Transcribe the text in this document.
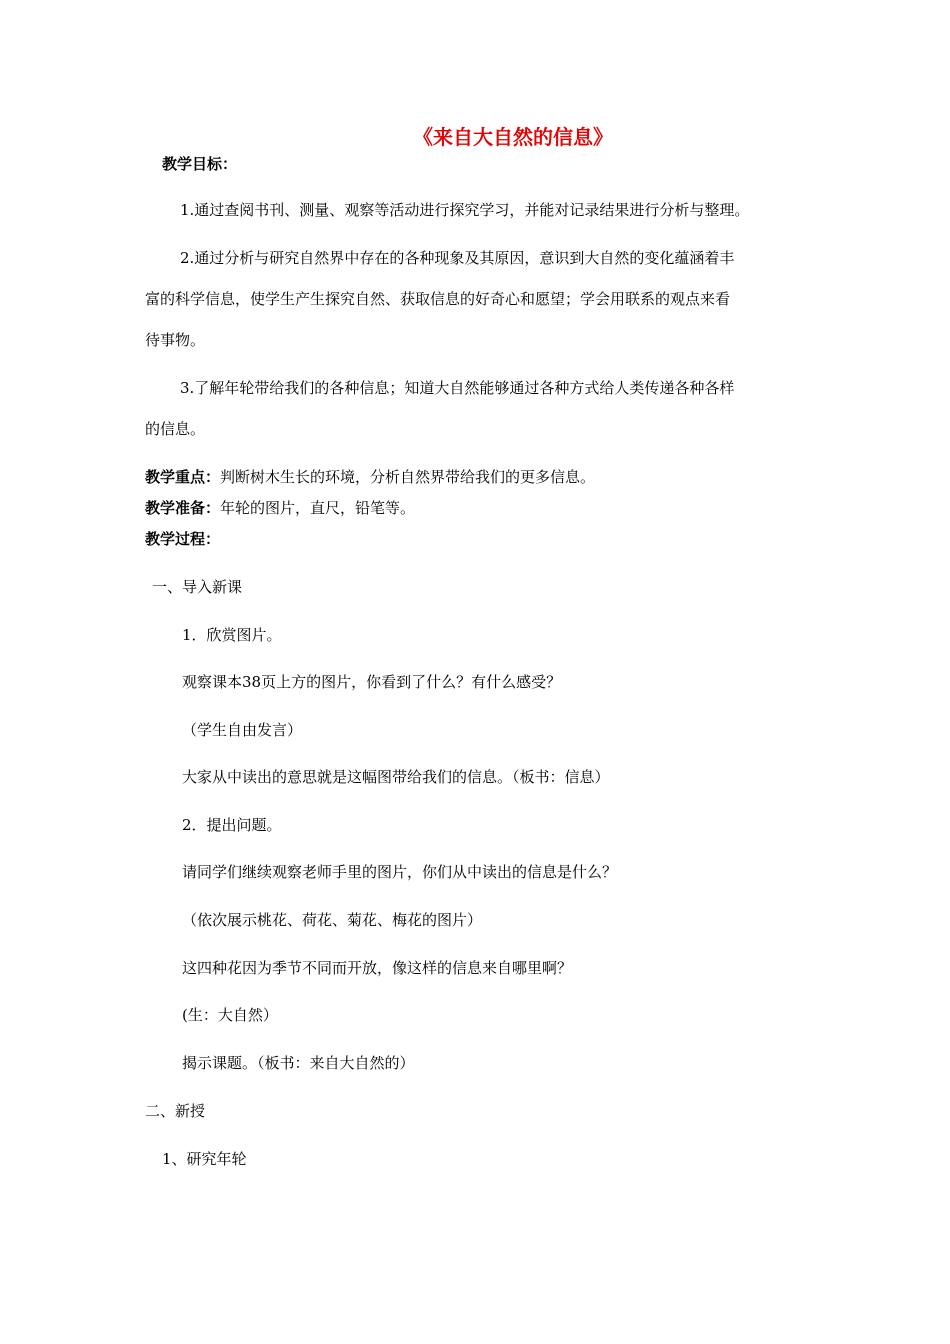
《来自大自然的信息》
教学目标：
1.通过查阅书刊、测量、观察等活动进行探究学习，并能对记录结果进行分析与整理。
2.通过分析与研究自然界中存在的各种现象及其原因，意识到大自然的变化蕴涵着丰
富的科学信息，使学生产生探究自然、获取信息的好奇心和愿望；学会用联系的观点来看
待事物。
3.了解年轮带给我们的各种信息；知道大自然能够通过各种方式给人类传递各种各样
的信息。
教学重点：判断树木生长的环境，分析自然界带给我们的更多信息。
教学准备：年轮的图片，直尺，铅笔等。
教学过程：
一、导入新课
1．欣赏图片。
观察课本38页上方的图片，你看到了什么？有什么感受？
（学生自由发言）
大家从中读出的意思就是这幅图带给我们的信息。（板书：信息）
2．提出问题。
请同学们继续观察老师手里的图片，你们从中读出的信息是什么？
（依次展示桃花、荷花、菊花、梅花的图片）
这四种花因为季节不同而开放，像这样的信息来自哪里啊？
(生：大自然）
揭示课题。（板书：来自大自然的）
二、新授
1、研究年轮
